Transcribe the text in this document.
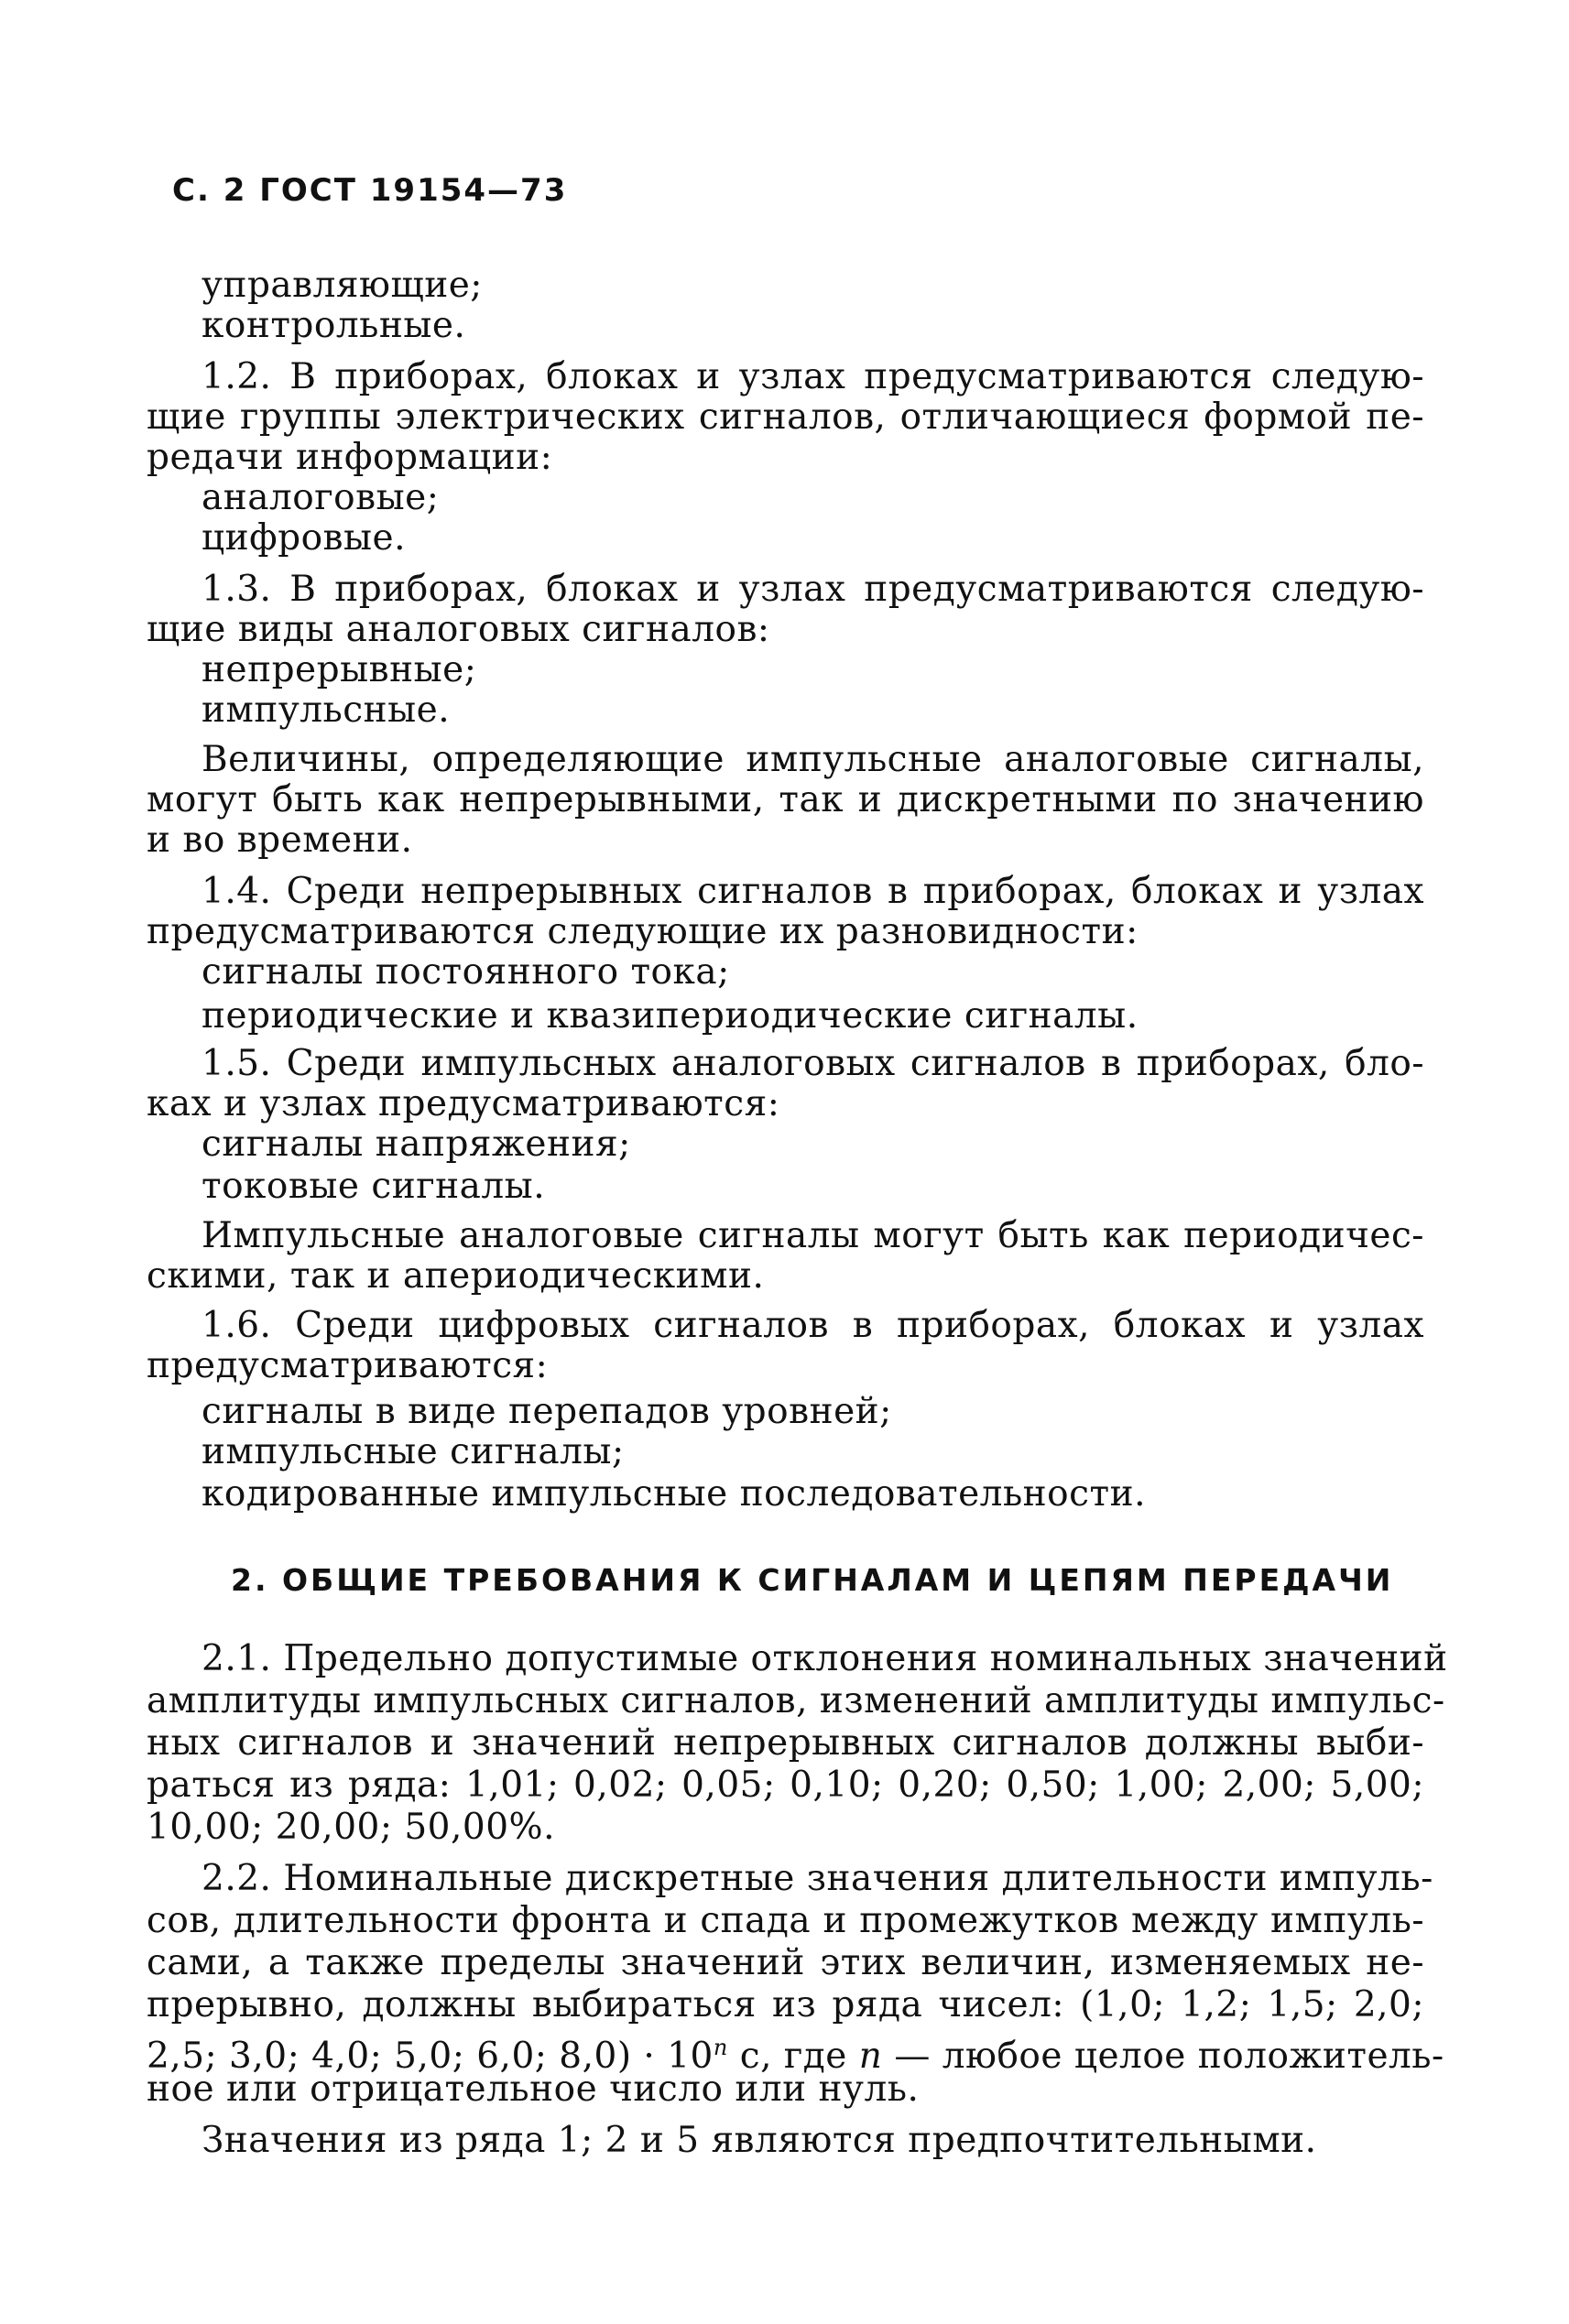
С. 2 ГОСТ 19154—73
управляющие;
контрольные.
1.2. В приборах, блоках и узлах предусматриваются следую-
щие группы электрических сигналов, отличающиеся формой пе-
редачи информации:
аналоговые;
цифровые.
1.3. В приборах, блоках и узлах предусматриваются следую-
щие виды аналоговых сигналов:
непрерывные;
импульсные.
Величины, определяющие импульсные аналоговые сигналы,
могут быть как непрерывными, так и дискретными по значению
и во времени.
1.4. Среди непрерывных сигналов в приборах, блоках и узлах
предусматриваются следующие их разновидности:
сигналы постоянного тока;
периодические и квазипериодические сигналы.
1.5. Среди импульсных аналоговых сигналов в приборах, бло-
ках и узлах предусматриваются:
сигналы напряжения;
токовые сигналы.
Импульсные аналоговые сигналы могут быть как периодичес-
скими, так и апериодическими.
1.6. Среди цифровых сигналов в приборах, блоках и узлах
предусматриваются:
сигналы в виде перепадов уровней;
импульсные сигналы;
кодированные импульсные последовательности.
2. ОБЩИЕ ТРЕБОВАНИЯ К СИГНАЛАМ И ЦЕПЯМ ПЕРЕДАЧИ
2.1. Предельно допустимые отклонения номинальных значений
амплитуды импульсных сигналов, изменений амплитуды импульс-
ных сигналов и значений непрерывных сигналов должны выби-
раться из ряда: 1,01; 0,02; 0,05; 0,10; 0,20; 0,50; 1,00; 2,00; 5,00;
10,00; 20,00; 50,00%.
2.2. Номинальные дискретные значения длительности импуль-
сов, длительности фронта и спада и промежутков между импуль-
сами, а также пределы значений этих величин, изменяемых не-
прерывно, должны выбираться из ряда чисел: (1,0; 1,2; 1,5; 2,0;
2,5; 3,0; 4,0; 5,0; 6,0; $8,0) \cdot 10^n$ с, где n — любое целое положитель-
ное или отрицательное число или нуль.
Значения из ряда 1; 2 и 5 являются предпочтительными.
